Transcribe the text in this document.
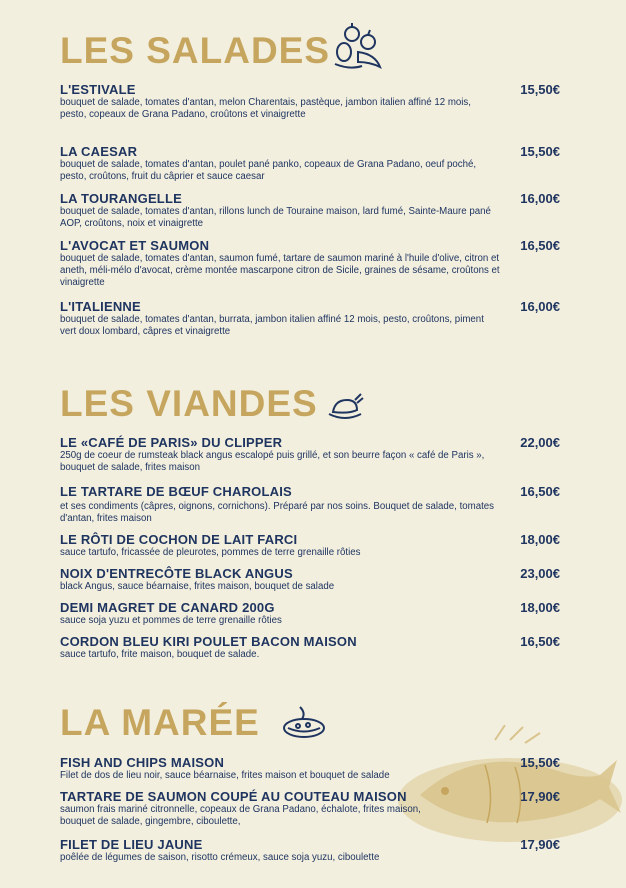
LES SALADES
L'ESTIVALE	15,50€
bouquet de salade, tomates d'antan, melon Charentais, pastèque, jambon italien affiné 12 mois, pesto, copeaux de Grana Padano, croûtons et vinaigrette
LA CAESAR	15,50€
bouquet de salade, tomates d'antan, poulet pané panko, copeaux de Grana Padano, oeuf poché, pesto, croûtons, fruit du câprier et sauce caesar
LA TOURANGELLE	16,00€
bouquet de salade, tomates d'antan, rillons lunch de Touraine maison, lard fumé, Sainte-Maure pané AOP, croûtons, noix et vinaigrette
L'AVOCAT ET SAUMON	16,50€
bouquet de salade, tomates d'antan, saumon fumé, tartare de saumon mariné à l'huile d'olive, citron et aneth, méli-mélo d'avocat, crème montée mascarpone citron de Sicile, graines de sésame, croûtons et vinaigrette
L'ITALIENNE	16,00€
bouquet de salade, tomates d'antan, burrata, jambon italien affiné 12 mois, pesto, croûtons, piment vert doux lombard, câpres et vinaigrette
LES VIANDES
LE «CAFÉ DE PARIS» DU CLIPPER	22,00€
250g de coeur de rumsteak black angus escalopé puis grillé, et son beurre façon « café de Paris », bouquet de salade, frites maison
LE TARTARE DE BŒUF CHAROLAIS	16,50€
et ses condiments (câpres, oignons, cornichons). Préparé par nos soins. Bouquet de salade, tomates d'antan, frites maison
LE RÔTI DE COCHON DE LAIT FARCI	18,00€
sauce tartufo, fricassée de pleurotes, pommes de terre grenaille rôties
NOIX D'ENTRECÔTE BLACK ANGUS	23,00€
black Angus, sauce béarnaise, frites maison, bouquet de salade
DEMI MAGRET DE CANARD 200G	18,00€
sauce soja yuzu et pommes de terre grenaille rôties
CORDON BLEU KIRI POULET BACON MAISON	16,50€
sauce tartufo, frite maison, bouquet de salade.
LA MARÉE
FISH AND CHIPS MAISON	15,50€
Filet de dos de lieu noir, sauce béarnaise, frites maison et bouquet de salade
TARTARE DE SAUMON COUPÉ AU COUTEAU MAISON	17,90€
saumon frais mariné citronnelle, copeaux de Grana Padano, échalote, frites maison, bouquet de salade, gingembre, ciboulette,
FILET DE LIEU JAUNE	17,90€
poêlée de légumes de saison, risotto crémeux, sauce soja yuzu, ciboulette
